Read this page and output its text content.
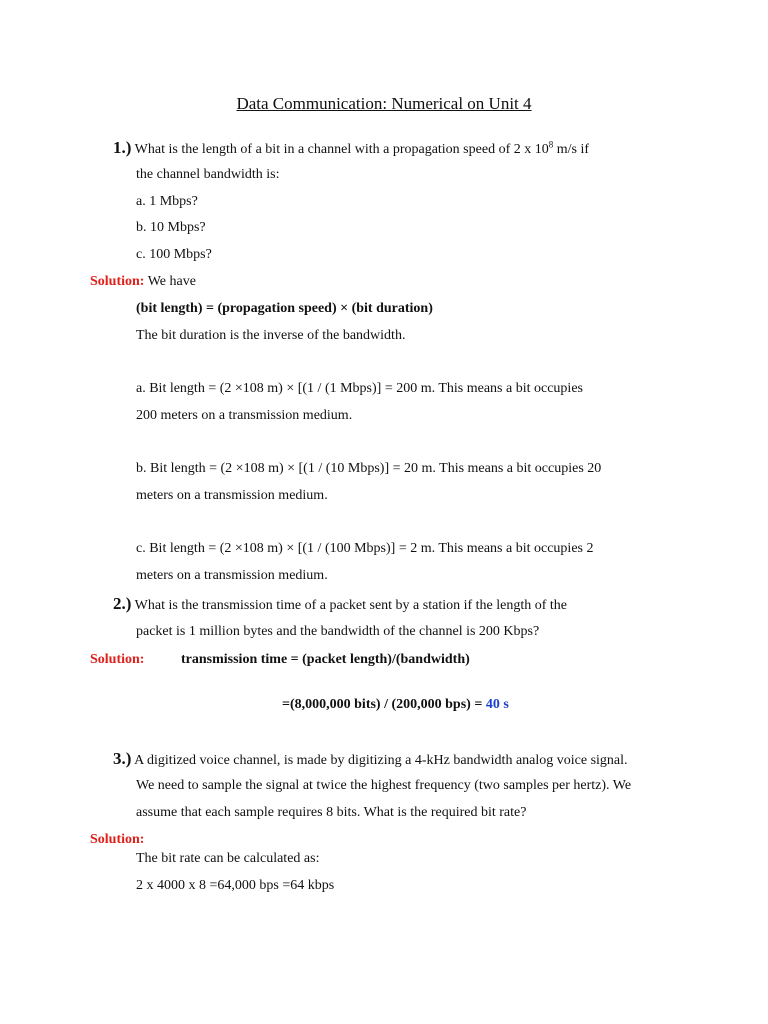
Data Communication: Numerical on Unit 4
1.) What is the length of a bit in a channel with a propagation speed of 2 x $10^8$ m/s if
the channel bandwidth is:
a. 1 Mbps?
b. 10 Mbps?
c. 100 Mbps?
Solution: We have
(bit length) = (propagation speed) × (bit duration)
The bit duration is the inverse of the bandwidth.
a. Bit length = (2 ×108 m) × [(1 / (1 Mbps)] = 200 m. This means a bit occupies
200 meters on a transmission medium.
b. Bit length = (2 ×108 m) × [(1 / (10 Mbps)] = 20 m. This means a bit occupies 20
meters on a transmission medium.
c. Bit length = (2 ×108 m) × [(1 / (100 Mbps)] = 2 m. This means a bit occupies 2
meters on a transmission medium.
2.) What is the transmission time of a packet sent by a station if the length of the
packet is 1 million bytes and the bandwidth of the channel is 200 Kbps?
Solution:	transmission time = (packet length)/(bandwidth)
=(8,000,000 bits) / (200,000 bps) = 40 s
3.) A digitized voice channel, is made by digitizing a 4-kHz bandwidth analog voice signal.
We need to sample the signal at twice the highest frequency (two samples per hertz). We
assume that each sample requires 8 bits. What is the required bit rate?
Solution:
The bit rate can be calculated as:
2 x 4000 x 8 =64,000 bps =64 kbps
